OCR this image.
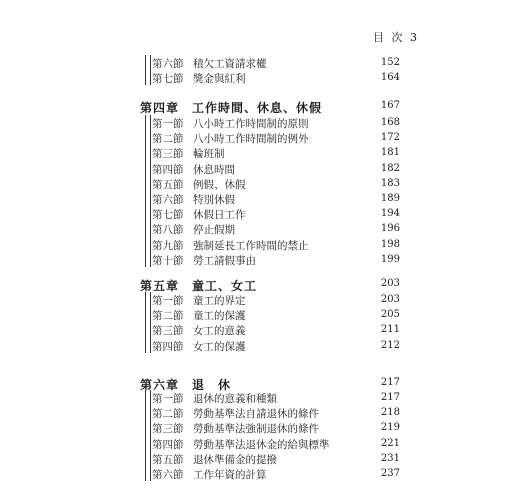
目 次 3
第六節 積欠工資請求權	152
第七節 獎金與紅利	164
第四章　工作時間、休息、休假	167
第一節 八小時工作時間制的原則	168
第二節 八小時工作時間制的例外	172
第三節 輪班制	181
第四節 休息時間	182
第五節 例假、休假	183
第六節 特別休假	189
第七節 休假日工作	194
第八節 停止假期	196
第九節 強制延長工作時間的禁止	198
第十節 勞工請假事由	199
第五章　童工、女工	203
第一節 童工的界定	203
第二節 童工的保護	205
第三節 女工的意義	211
第四節 女工的保護	212
第六章　退　休	217
第一節 退休的意義和種類	217
第二節 勞動基準法自請退休的條件	218
第三節 勞動基準法強制退休的條件	219
第四節 勞動基準法退休金的給與標準	221
第五節 退休準備金的提撥	231
第六節 工作年資的計算	237
